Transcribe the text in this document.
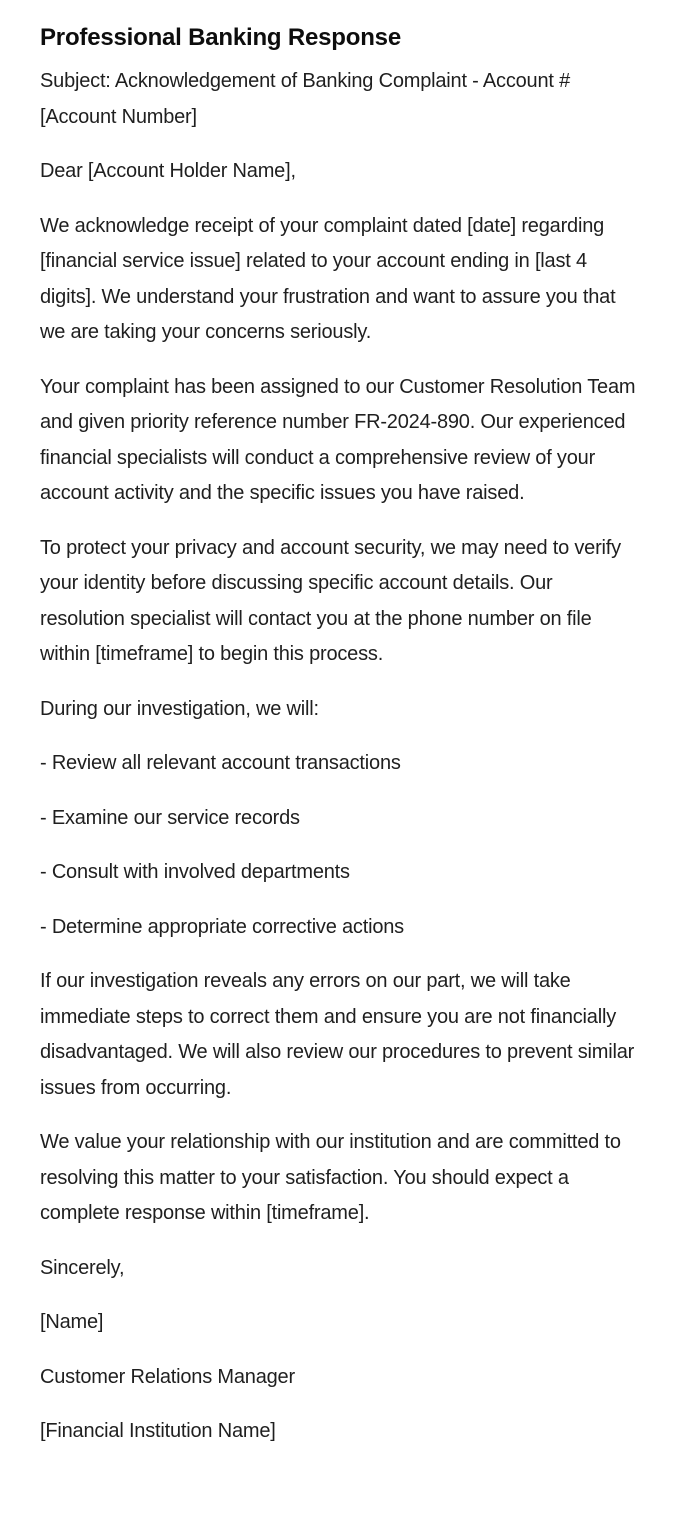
Professional Banking Response

Subject: Acknowledgement of Banking Complaint - Account #[Account Number]

Dear [Account Holder Name],

We acknowledge receipt of your complaint dated [date] regarding [financial service issue] related to your account ending in [last 4 digits]. We understand your frustration and want to assure you that we are taking your concerns seriously.

Your complaint has been assigned to our Customer Resolution Team and given priority reference number FR-2024-890. Our experienced financial specialists will conduct a comprehensive review of your account activity and the specific issues you have raised.

To protect your privacy and account security, we may need to verify your identity before discussing specific account details. Our resolution specialist will contact you at the phone number on file within [timeframe] to begin this process.

During our investigation, we will:

- Review all relevant account transactions

- Examine our service records

- Consult with involved departments

- Determine appropriate corrective actions

If our investigation reveals any errors on our part, we will take immediate steps to correct them and ensure you are not financially disadvantaged. We will also review our procedures to prevent similar issues from occurring.

We value your relationship with our institution and are committed to resolving this matter to your satisfaction. You should expect a complete response within [timeframe].

Sincerely,

[Name]

Customer Relations Manager

[Financial Institution Name]
